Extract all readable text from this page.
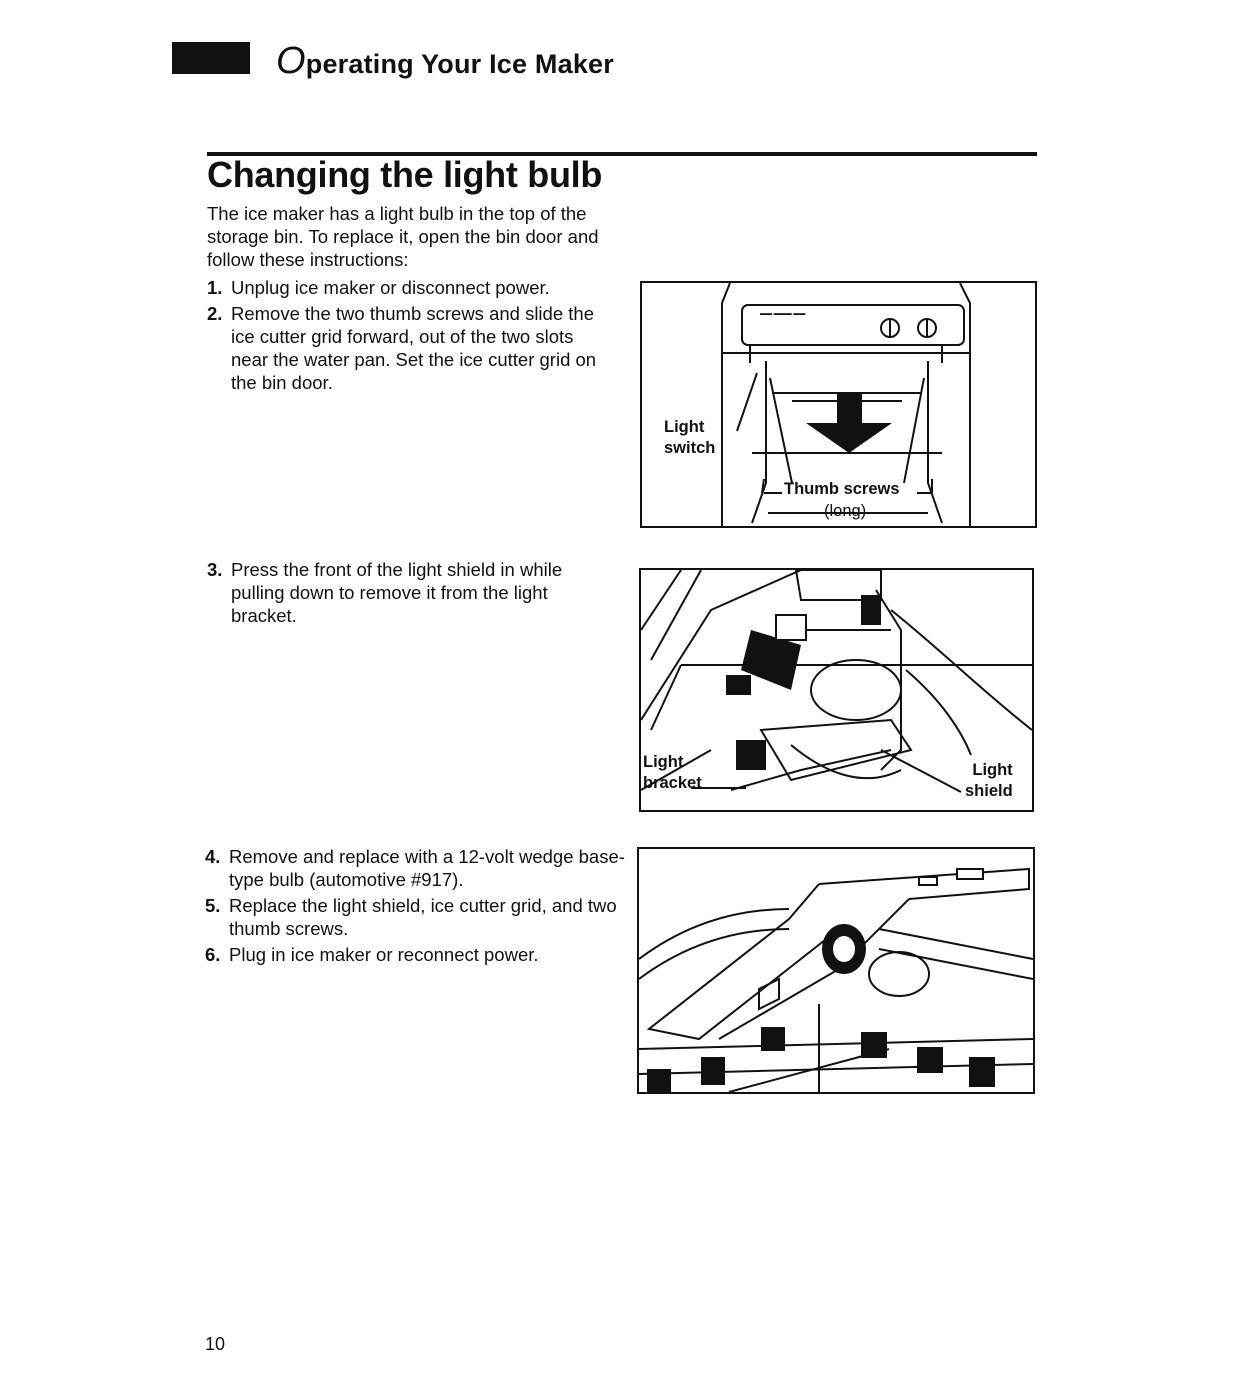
Operating Your Ice Maker
Changing the light bulb
The ice maker has a light bulb in the top of the storage bin. To replace it, open the bin door and follow these instructions:
1. Unplug ice maker or disconnect power.
2. Remove the two thumb screws and slide the ice cutter grid forward, out of the two slots near the water pan. Set the ice cutter grid on the bin door.
3. Press the front of the light shield in while pulling down to remove it from the light bracket.
4. Remove and replace with a 12-volt wedge base-type bulb (automotive #917).
5. Replace the light shield, ice cutter grid, and two thumb screws.
6. Plug in ice maker or reconnect power.
▬▬ ▬▬▬ ▬▬
Light
switch
Thumb screws
(long)
Light
bracket
Light
shield
10
